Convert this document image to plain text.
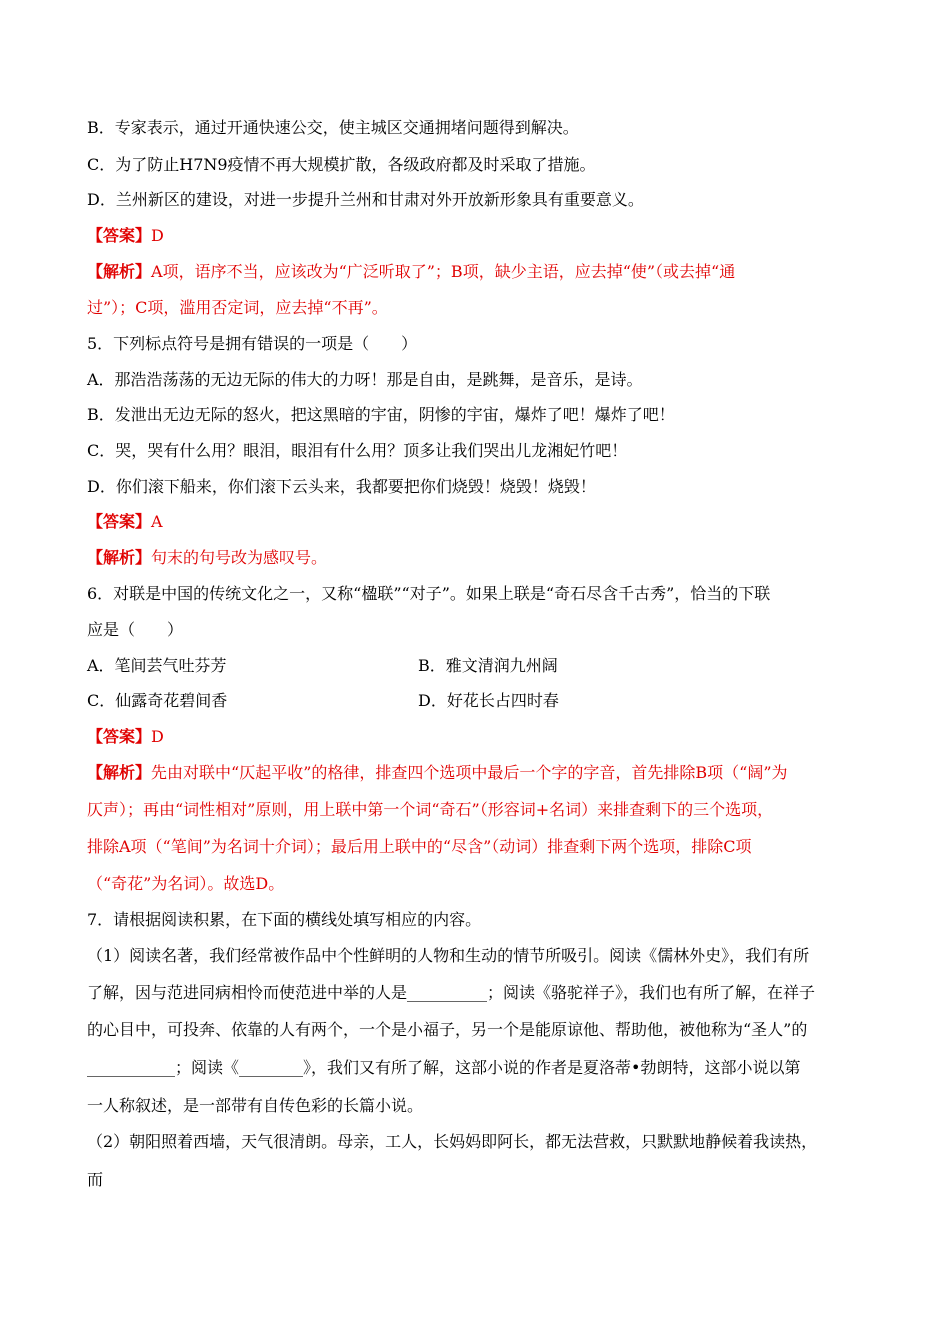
B．专家表示，通过开通快速公交，使主城区交通拥堵问题得到解决。
C．为了防止H7N9疫情不再大规模扩散，各级政府都及时采取了措施。
D．兰州新区的建设，对进一步提升兰州和甘肃对外开放新形象具有重要意义。
【答案】D
【解析】A项，语序不当，应该改为“广泛听取了”；B项，缺少主语，应去掉“使”（或去掉“通
过”）；C项，滥用否定词，应去掉“不再”。
5．下列标点符号是拥有错误的一项是（　　）
A．那浩浩荡荡的无边无际的伟大的力呀！那是自由，是跳舞，是音乐，是诗。
B．发泄出无边无际的怒火，把这黑暗的宇宙，阴惨的宇宙，爆炸了吧！爆炸了吧！
C．哭，哭有什么用？眼泪，眼泪有什么用？顶多让我们哭出儿龙湘妃竹吧！
D．你们滚下船来，你们滚下云头来，我都要把你们烧毁！烧毁！烧毁！
【答案】A
【解析】句末的句号改为感叹号。
6．对联是中国的传统文化之一，又称“楹联”“对子”。如果上联是“奇石尽含千古秀”，恰当的下联
应是（　　）
A．笔间芸气吐芬芳	B．雅文清润九州阔
C．仙露奇花碧间香	D．好花长占四时春
【答案】D
【解析】先由对联中“仄起平收”的格律，排查四个选项中最后一个字的字音，首先排除B项（“阔”为
仄声）；再由“词性相对”原则，用上联中第一个词“奇石”（形容词+名词）来排查剩下的三个选项，
排除A项（“笔间”为名词十介词）；最后用上联中的“尽含”（动词）排查剩下两个选项，排除C项
（“奇花”为名词）。故选D。
7．请根据阅读积累，在下面的横线处填写相应的内容。
（1）阅读名著，我们经常被作品中个性鲜明的人物和生动的情节所吸引。阅读《儒林外史》，我们有所
了解，因与范进同病相怜而使范进中举的人是__________；阅读《骆驼祥子》，我们也有所了解，在祥子
的心目中，可投奔、依靠的人有两个，一个是小福子，另一个是能原谅他、帮助他，被他称为“圣人”的
___________；阅读《________》，我们又有所了解，这部小说的作者是夏洛蒂•勃朗特，这部小说以第
一人称叙述，是一部带有自传色彩的长篇小说。
（2）朝阳照着西墙，天气很清朗。母亲，工人，长妈妈即阿长，都无法营救，只默默地静候着我读热，
而
